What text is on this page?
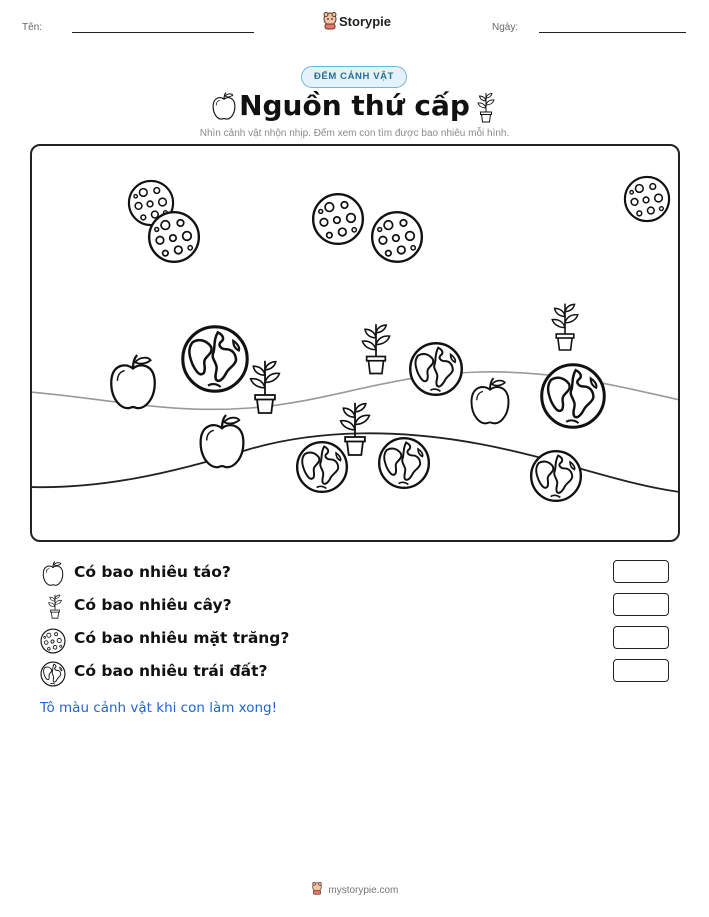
Tên:	Storypie	Ngày:
ĐẾM CẢNH VẬT
Nguồn thứ cấp
Nhìn cảnh vật nhộn nhịp. Đếm xem con tìm được bao nhiêu mỗi hình.
Có bao nhiêu táo?
Có bao nhiêu cây?
Có bao nhiêu mặt trăng?
Có bao nhiêu trái đất?
Tô màu cảnh vật khi con làm xong!
mystorypie.com
